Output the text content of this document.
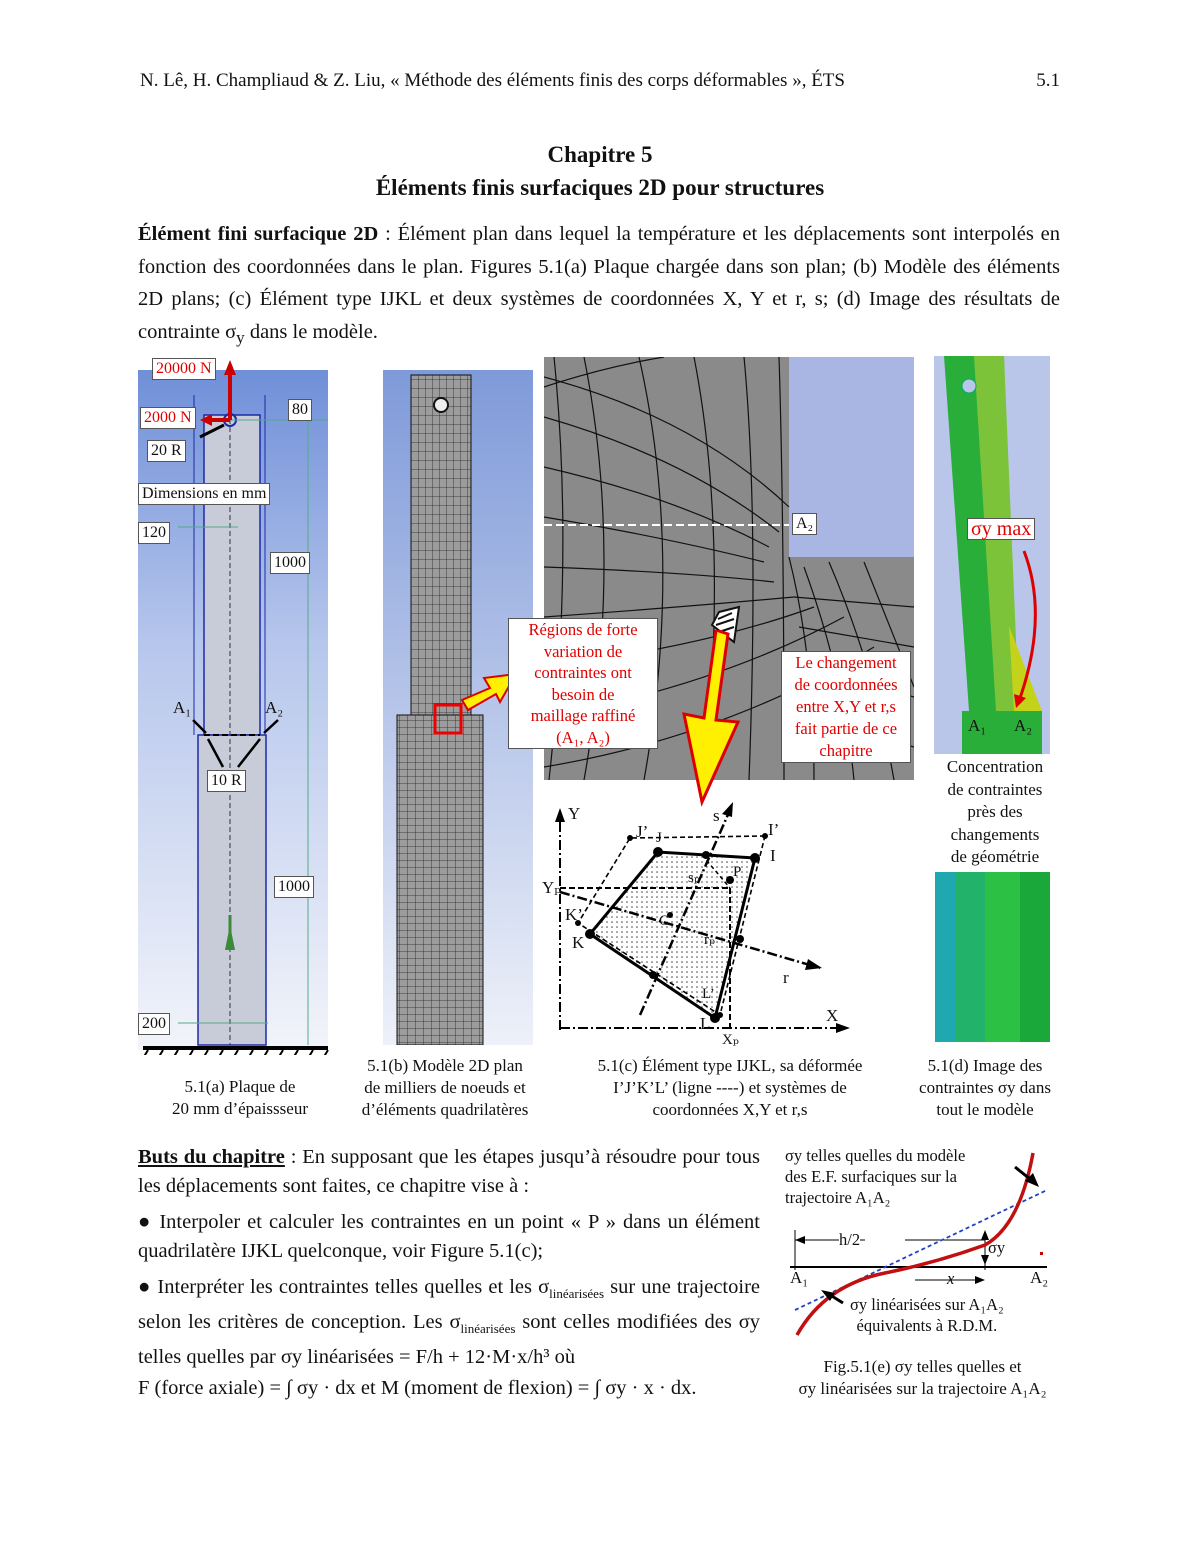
N. Lê, H. Champliaud & Z. Liu, « Méthode des éléments finis des corps déformables », ÉTS	5.1
Chapitre 5
Éléments finis surfaciques 2D pour structures
Élément fini surfacique 2D : Élément plan dans lequel la température et les déplacements sont interpolés en fonction des coordonnées dans le plan. Figures 5.1(a) Plaque chargée dans son plan; (b) Modèle des éléments 2D plans; (c) Élément type IJKL et deux systèmes de coordonnées X, Y et r, s; (d) Image des résultats de contrainte $\sigma_y$ dans le modèle.
20000 N
2000 N
20 R
80
Dimensions en mm
120
1000
A₁	A₂
10 R
1000
200
5.1(a) Plaque de
20 mm d’épaissseur
5.1(b) Modèle 2D plan
de milliers de noeuds et
d’éléments quadrilatères
A₂
Régions de forte
variation de
contraintes ont
besoin de
maillage raffiné
(A₁, A₂)
Le changement
de coordonnées
entre X,Y et r,s
fait partie de ce
chapitre
Y	s
J’ J	I’
I
sₚ P
Yₚ
K’	C
K	rₚ
r
L’
L	X
Xₚ
5.1(c) Élément type IJKL, sa déformée
I’J’K’L’ (ligne ----) et systèmes de
coordonnées X,Y et r,s
σy max
A₁ A₂
Concentration
de contraintes
près des
changements
de géométrie
5.1(d) Image des
contraintes σy dans
tout le modèle
Buts du chapitre : En supposant que les étapes jusqu’à résoudre pour tous les déplacements sont faites, ce chapitre vise à :
● Interpoler et calculer les contraintes en un point « P » dans un élément quadrilatère IJKL quelconque, voir Figure 5.1(c);
● Interpréter les contraintes telles quelles et les $\sigma_{linéarisées}$ sur une trajectoire selon les critères de conception. Les $\sigma_{linéarisées}$ sont celles modifiées des σy telles quelles par σy linéarisées = F/h + 12·M·x/h³ où
F (force axiale) = ∫ σy · dx et M (moment de flexion) = ∫ σy · x · dx.
σy telles quelles du modèle
des E.F. surfaciques sur la
trajectoire A₁A₂
h/2	σy
x
A₁	A₂
σy linéarisées sur A₁A₂
équivalents à R.D.M.
Fig.5.1(e) σy telles quelles et
σy linéarisées sur la trajectoire A₁A₂
